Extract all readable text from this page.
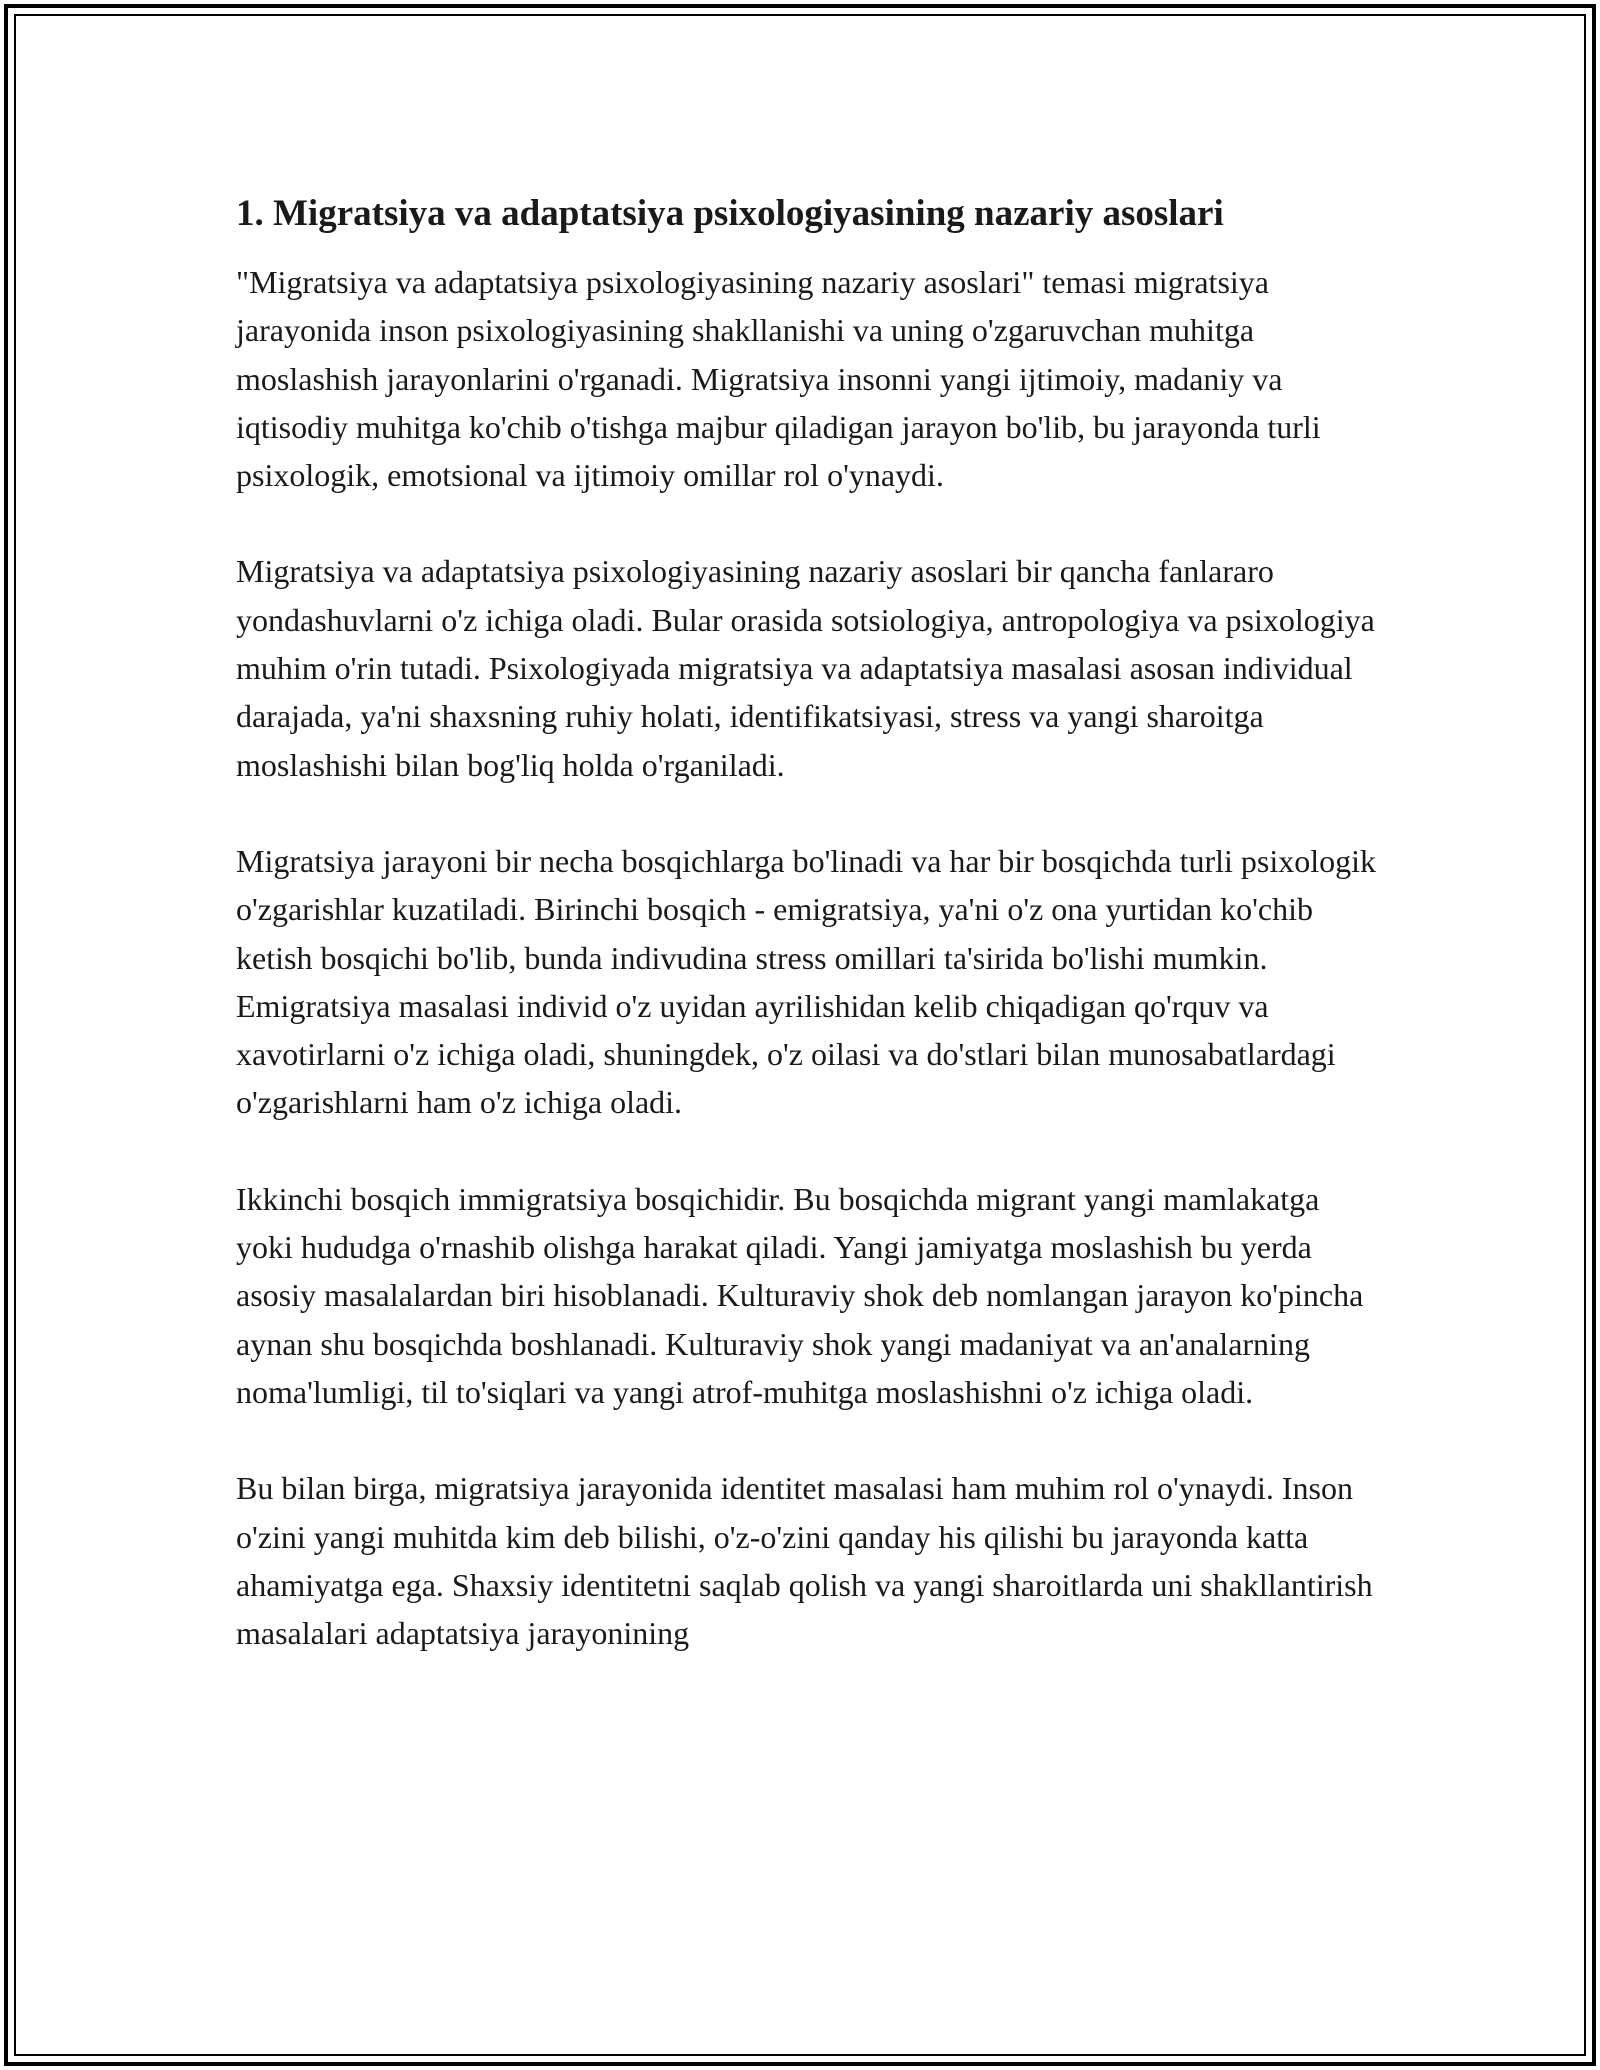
1. Migratsiya va adaptatsiya psixologiyasining nazariy asoslari

"Migratsiya va adaptatsiya psixologiyasining nazariy asoslari" temasi migratsiya jarayonida inson psixologiyasining shakllanishi va uning o'zgaruvchan muhitga moslashish jarayonlarini o'rganadi. Migratsiya insonni yangi ijtimoiy, madaniy va iqtisodiy muhitga ko'chib o'tishga majbur qiladigan jarayon bo'lib, bu jarayonda turli psixologik, emotsional va ijtimoiy omillar rol o'ynaydi.

Migratsiya va adaptatsiya psixologiyasining nazariy asoslari bir qancha fanlararo yondashuvlarni o'z ichiga oladi. Bular orasida sotsiologiya, antropologiya va psixologiya muhim o'rin tutadi. Psixologiyada migratsiya va adaptatsiya masalasi asosan individual darajada, ya'ni shaxsning ruhiy holati, identifikatsiyasi, stress va yangi sharoitga moslashishi bilan bog'liq holda o'rganiladi.

Migratsiya jarayoni bir necha bosqichlarga bo'linadi va har bir bosqichda turli psixologik o'zgarishlar kuzatiladi. Birinchi bosqich - emigratsiya, ya'ni o'z ona yurtidan ko'chib ketish bosqichi bo'lib, bunda indivudina stress omillari ta'sirida bo'lishi mumkin. Emigratsiya masalasi individ o'z uyidan ayrilishidan kelib chiqadigan qo'rquv va xavotirlarni o'z ichiga oladi, shuningdek, o'z oilasi va do'stlari bilan munosabatlardagi o'zgarishlarni ham o'z ichiga oladi.

Ikkinchi bosqich immigratsiya bosqichidir. Bu bosqichda migrant yangi mamlakatga yoki hududga o'rnashib olishga harakat qiladi. Yangi jamiyatga moslashish bu yerda asosiy masalalardan biri hisoblanadi. Kulturaviy shok deb nomlangan jarayon ko'pincha aynan shu bosqichda boshlanadi. Kulturaviy shok yangi madaniyat va an'analarning noma'lumligi, til to'siqlari va yangi atrof-muhitga moslashishni o'z ichiga oladi.

Bu bilan birga, migratsiya jarayonida identitet masalasi ham muhim rol o'ynaydi. Inson o'zini yangi muhitda kim deb bilishi, o'z-o'zini qanday his qilishi bu jarayonda katta ahamiyatga ega. Shaxsiy identitetni saqlab qolish va yangi sharoitlarda uni shakllantirish masalalari adaptatsiya jarayonining
